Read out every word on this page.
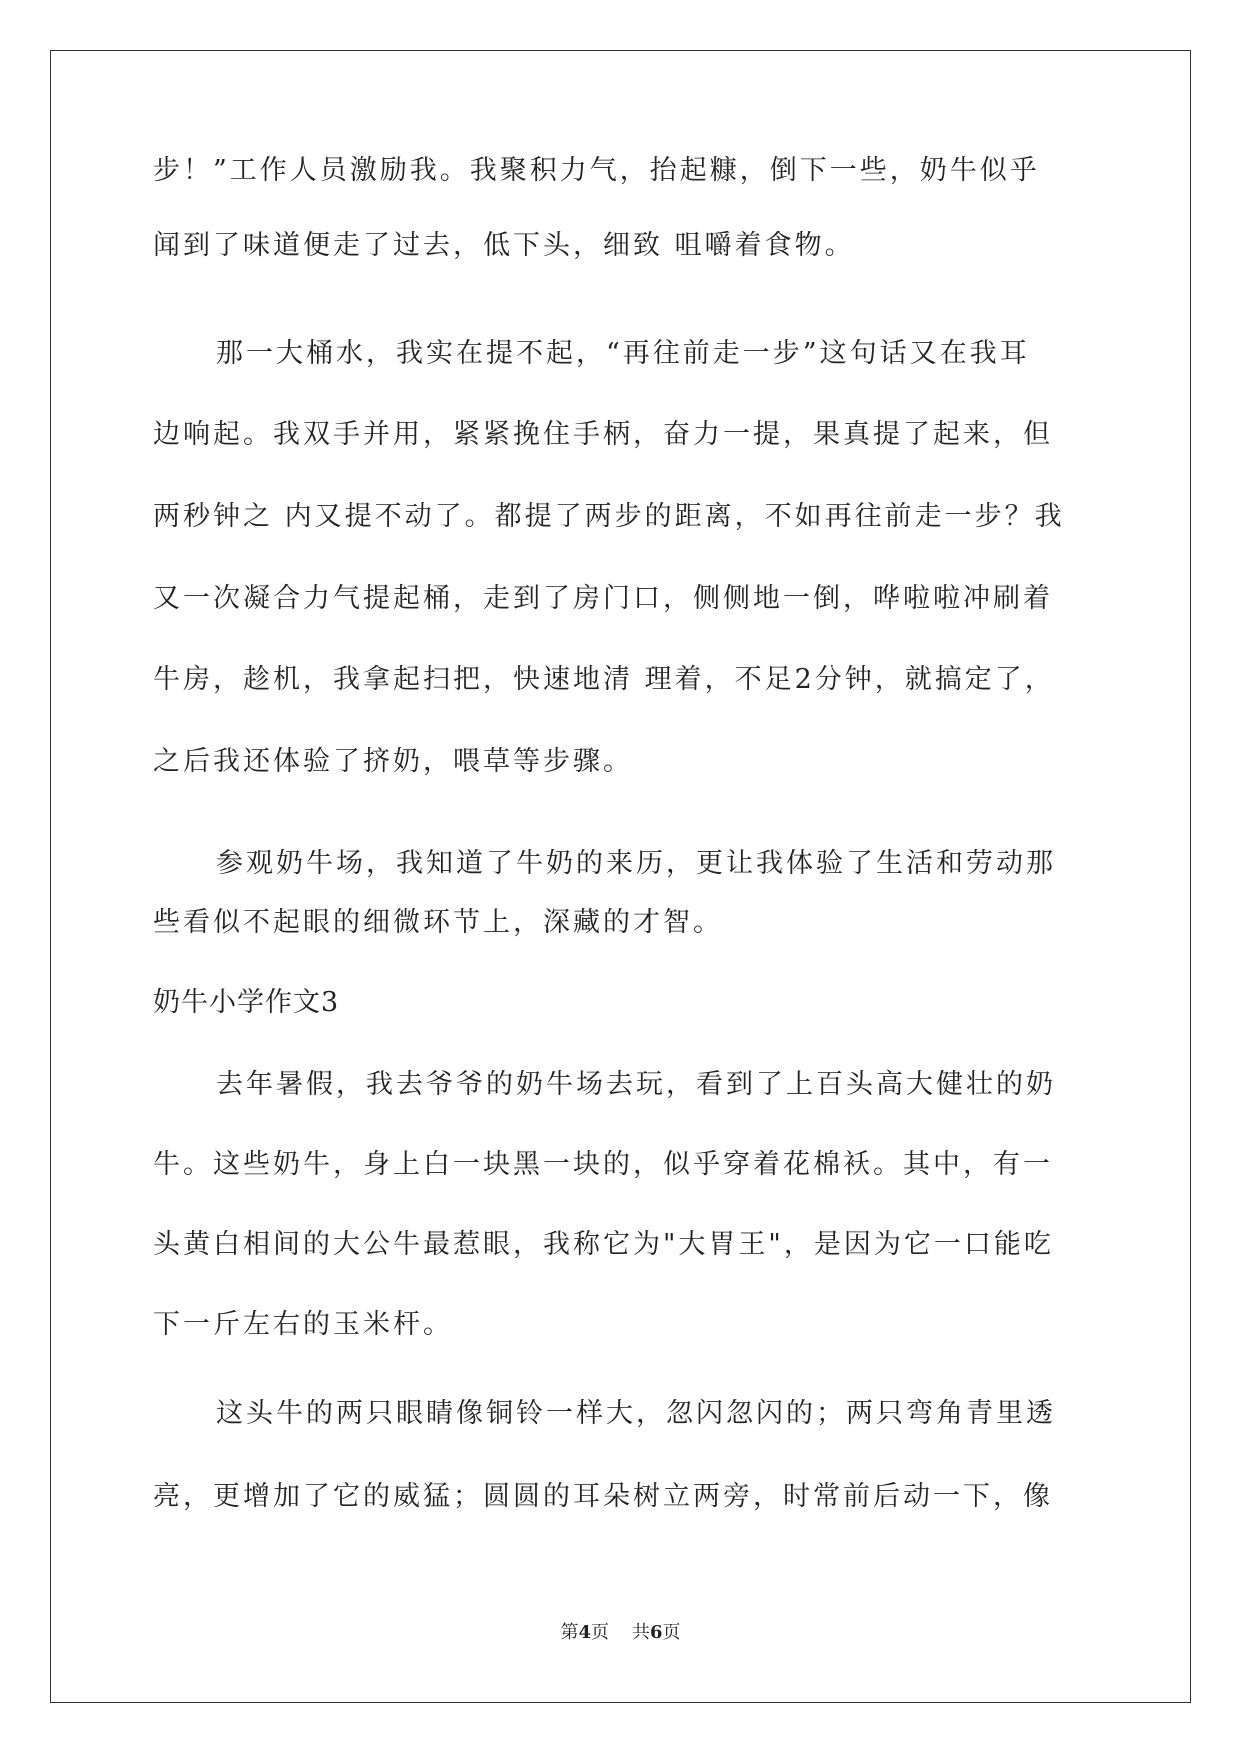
步！”工作人员激励我。我聚积力气，抬起糠，倒下一些，奶牛似乎
闻到了味道便走了过去，低下头，细致 咀嚼着食物。
那一大桶水，我实在提不起，“再往前走一步”这句话又在我耳
边响起。我双手并用，紧紧挽住手柄，奋力一提，果真提了起来，但
两秒钟之 内又提不动了。都提了两步的距离，不如再往前走一步？我
又一次凝合力气提起桶，走到了房门口，侧侧地一倒，哗啦啦冲刷着
牛房，趁机，我拿起扫把，快速地清 理着，不足2分钟，就搞定了，
之后我还体验了挤奶，喂草等步骤。
参观奶牛场，我知道了牛奶的来历，更让我体验了生活和劳动那
些看似不起眼的细微环节上，深藏的才智。
奶牛小学作文3
去年暑假，我去爷爷的奶牛场去玩，看到了上百头高大健壮的奶
牛。这些奶牛，身上白一块黑一块的，似乎穿着花棉袄。其中，有一
头黄白相间的大公牛最惹眼，我称它为"大胃王"，是因为它一口能吃
下一斤左右的玉米杆。
这头牛的两只眼睛像铜铃一样大，忽闪忽闪的；两只弯角青里透
亮，更增加了它的威猛；圆圆的耳朵树立两旁，时常前后动一下，像
第4页 共6页
